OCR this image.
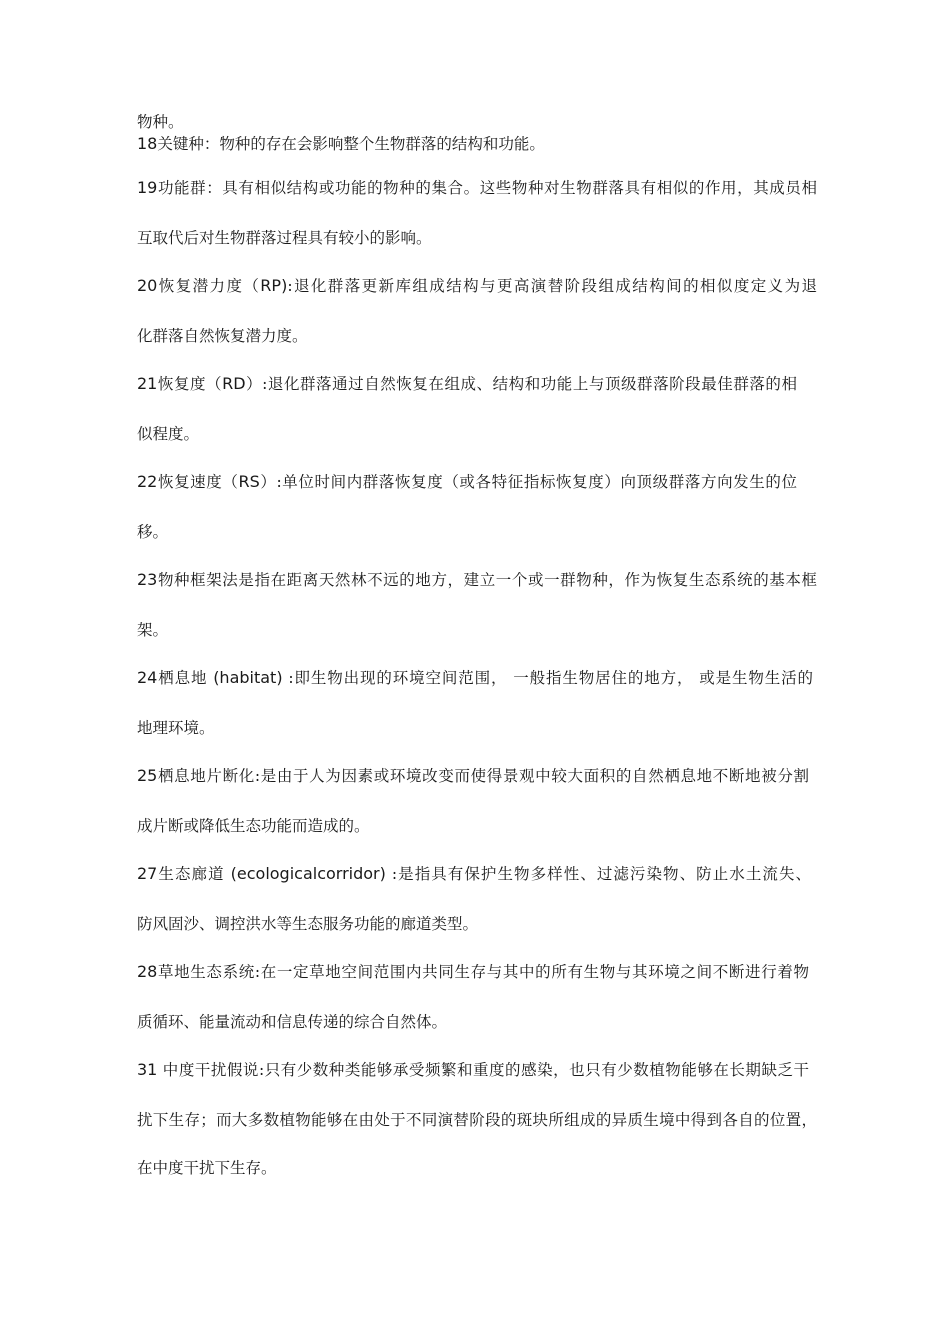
物种。
18关键种：物种的存在会影响整个生物群落的结构和功能。
19功能群：具有相似结构或功能的物种的集合。这些物种对生物群落具有相似的作用，其成员相
互取代后对生物群落过程具有较小的影响。
20恢复潜力度（RP):退化群落更新库组成结构与更高演替阶段组成结构间的相似度定义为退
化群落自然恢复潜力度。
21恢复度（RD）:退化群落通过自然恢复在组成、结构和功能上与顶级群落阶段最佳群落的相
似程度。
22恢复速度（RS）:单位时间内群落恢复度（或各特征指标恢复度）向顶级群落方向发生的位
移。
23物种框架法是指在距离天然林不远的地方，建立一个或一群物种，作为恢复生态系统的基本框
架。
24栖息地 (habitat) :即生物出现的环境空间范围， 一般指生物居住的地方， 或是生物生活的
地理环境。
25栖息地片断化:是由于人为因素或环境改变而使得景观中较大面积的自然栖息地不断地被分割
成片断或降低生态功能而造成的。
27生态廊道 (ecologicalcorridor) :是指具有保护生物多样性、过滤污染物、防止水土流失、
防风固沙、调控洪水等生态服务功能的廊道类型。
28草地生态系统:在一定草地空间范围内共同生存与其中的所有生物与其环境之间不断进行着物
质循环、能量流动和信息传递的综合自然体。
31 中度干扰假说:只有少数种类能够承受频繁和重度的感染，也只有少数植物能够在长期缺乏干
扰下生存；而大多数植物能够在由处于不同演替阶段的斑块所组成的异质生境中得到各自的位置，
在中度干扰下生存。
